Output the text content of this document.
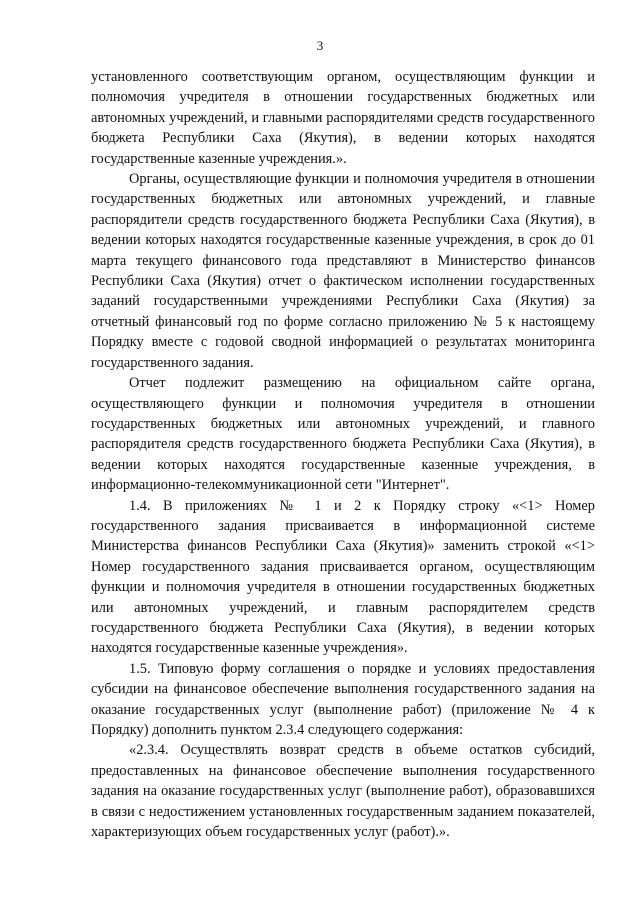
3

установленного соответствующим органом, осуществляющим функции и полномочия учредителя в отношении государственных бюджетных или автономных учреждений, и главными распорядителями средств государственного бюджета Республики Саха (Якутия), в ведении которых находятся государственные казенные учреждения.».

Органы, осуществляющие функции и полномочия учредителя в отношении государственных бюджетных или автономных учреждений, и главные распорядители средств государственного бюджета Республики Саха (Якутия), в ведении которых находятся государственные казенные учреждения, в срок до 01 марта текущего финансового года представляют в Министерство финансов Республики Саха (Якутия) отчет о фактическом исполнении государственных заданий государственными учреждениями Республики Саха (Якутия) за отчетный финансовый год по форме согласно приложению № 5 к настоящему Порядку вместе с годовой сводной информацией о результатах мониторинга государственного задания.

Отчет подлежит размещению на официальном сайте органа, осуществляющего функции и полномочия учредителя в отношении государственных бюджетных или автономных учреждений, и главного распорядителя средств государственного бюджета Республики Саха (Якутия), в ведении которых находятся государственные казенные учреждения, в информационно-телекоммуникационной сети "Интернет".

1.4. В приложениях № 1 и 2 к Порядку строку «<1> Номер государственного задания присваивается в информационной системе Министерства финансов Республики Саха (Якутия)» заменить строкой «<1> Номер государственного задания присваивается органом, осуществляющим функции и полномочия учредителя в отношении государственных бюджетных или автономных учреждений, и главным распорядителем средств государственного бюджета Республики Саха (Якутия), в ведении которых находятся государственные казенные учреждения».

1.5. Типовую форму соглашения о порядке и условиях предоставления субсидии на финансовое обеспечение выполнения государственного задания на оказание государственных услуг (выполнение работ) (приложение № 4 к Порядку) дополнить пунктом 2.3.4 следующего содержания:

«2.3.4. Осуществлять возврат средств в объеме остатков субсидий, предоставленных на финансовое обеспечение выполнения государственного задания на оказание государственных услуг (выполнение работ), образовавшихся в связи с недостижением установленных государственным заданием показателей, характеризующих объем государственных услуг (работ).».
